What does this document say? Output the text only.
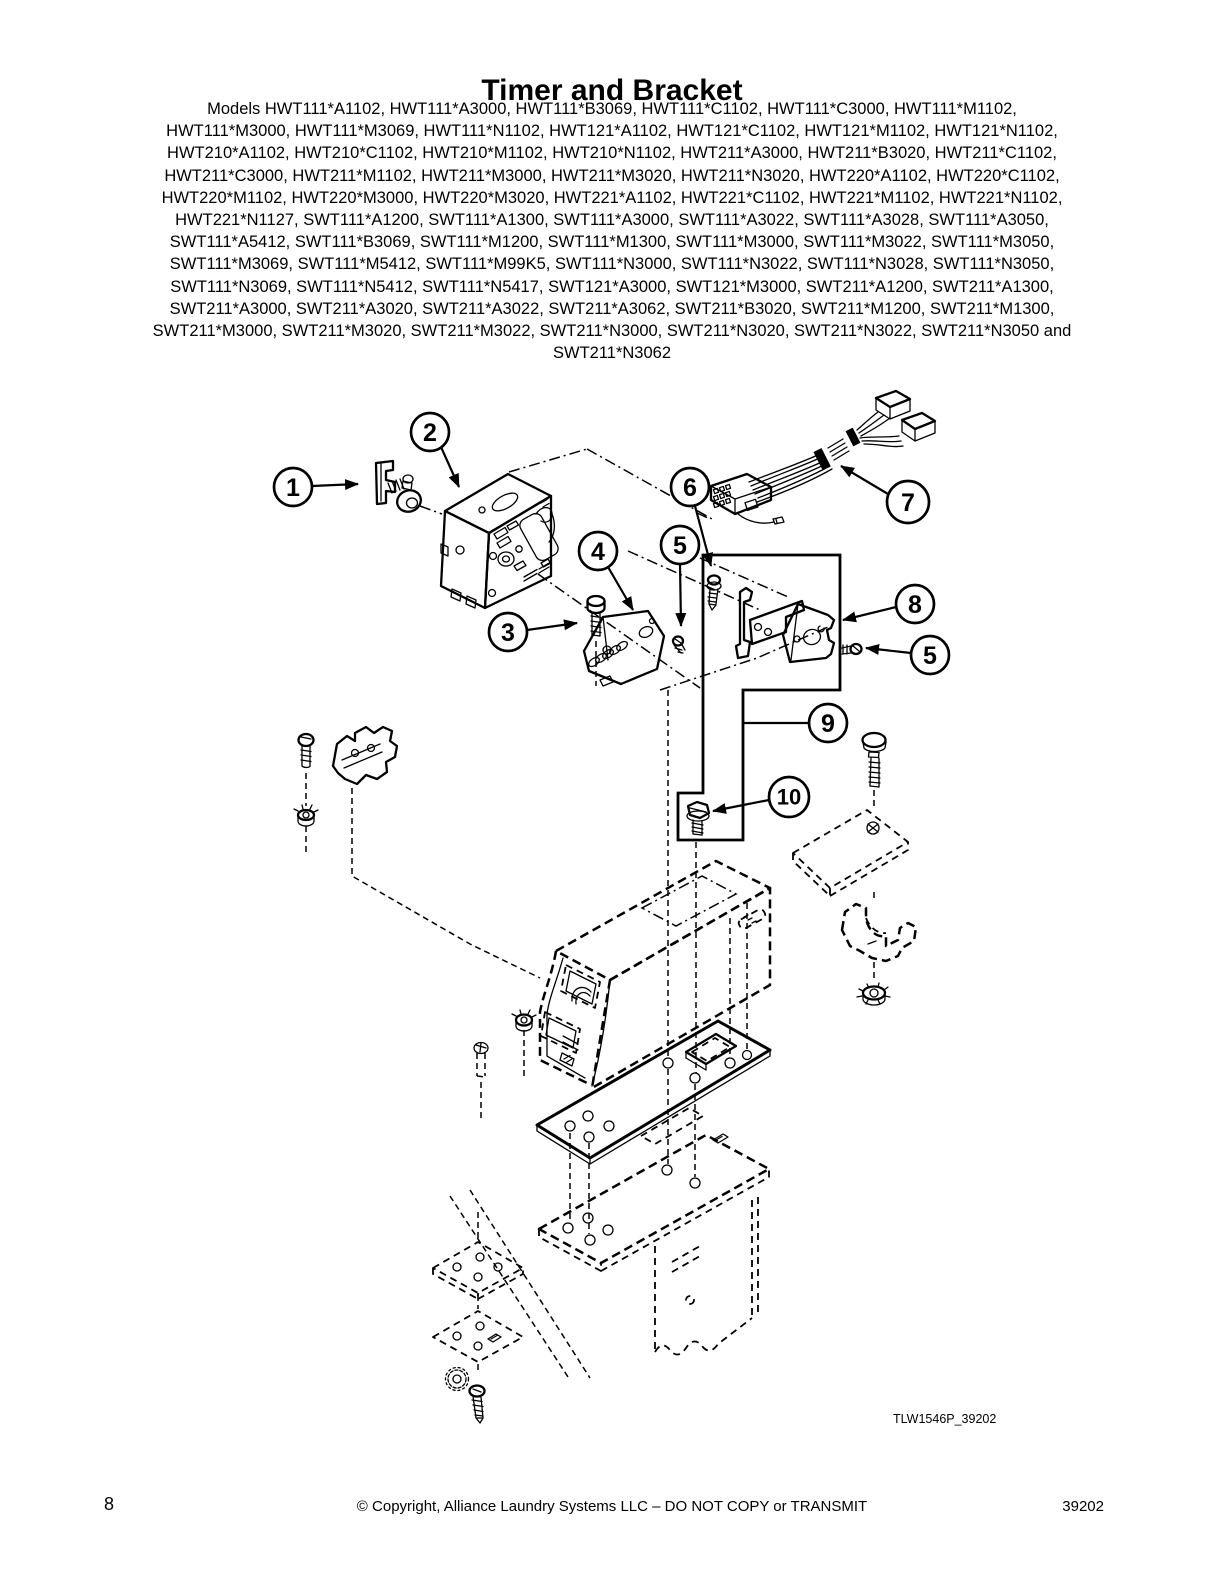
Timer and Bracket
Models HWT111*A1102, HWT111*A3000, HWT111*B3069, HWT111*C1102, HWT111*C3000, HWT111*M1102,
HWT111*M3000, HWT111*M3069, HWT111*N1102, HWT121*A1102, HWT121*C1102, HWT121*M1102, HWT121*N1102,
HWT210*A1102, HWT210*C1102, HWT210*M1102, HWT210*N1102, HWT211*A3000, HWT211*B3020, HWT211*C1102,
HWT211*C3000, HWT211*M1102, HWT211*M3000, HWT211*M3020, HWT211*N3020, HWT220*A1102, HWT220*C1102,
HWT220*M1102, HWT220*M3000, HWT220*M3020, HWT221*A1102, HWT221*C1102, HWT221*M1102, HWT221*N1102,
HWT221*N1127, SWT111*A1200, SWT111*A1300, SWT111*A3000, SWT111*A3022, SWT111*A3028, SWT111*A3050,
SWT111*A5412, SWT111*B3069, SWT111*M1200, SWT111*M1300, SWT111*M3000, SWT111*M3022, SWT111*M3050,
SWT111*M3069, SWT111*M5412, SWT111*M99K5, SWT111*N3000, SWT111*N3022, SWT111*N3028, SWT111*N3050,
SWT111*N3069, SWT111*N5412, SWT111*N5417, SWT121*A3000, SWT121*M3000, SWT211*A1200, SWT211*A1300,
SWT211*A3000, SWT211*A3020, SWT211*A3022, SWT211*A3062, SWT211*B3020, SWT211*M1200, SWT211*M1300,
SWT211*M3000, SWT211*M3020, SWT211*M3022, SWT211*N3000, SWT211*N3020, SWT211*N3022, SWT211*N3050 and
SWT211*N3062
1
2
3
4	5
6
7
8
5
9
10
TLW1546P_39202
8	© Copyright, Alliance Laundry Systems LLC – DO NOT COPY or TRANSMIT	39202
